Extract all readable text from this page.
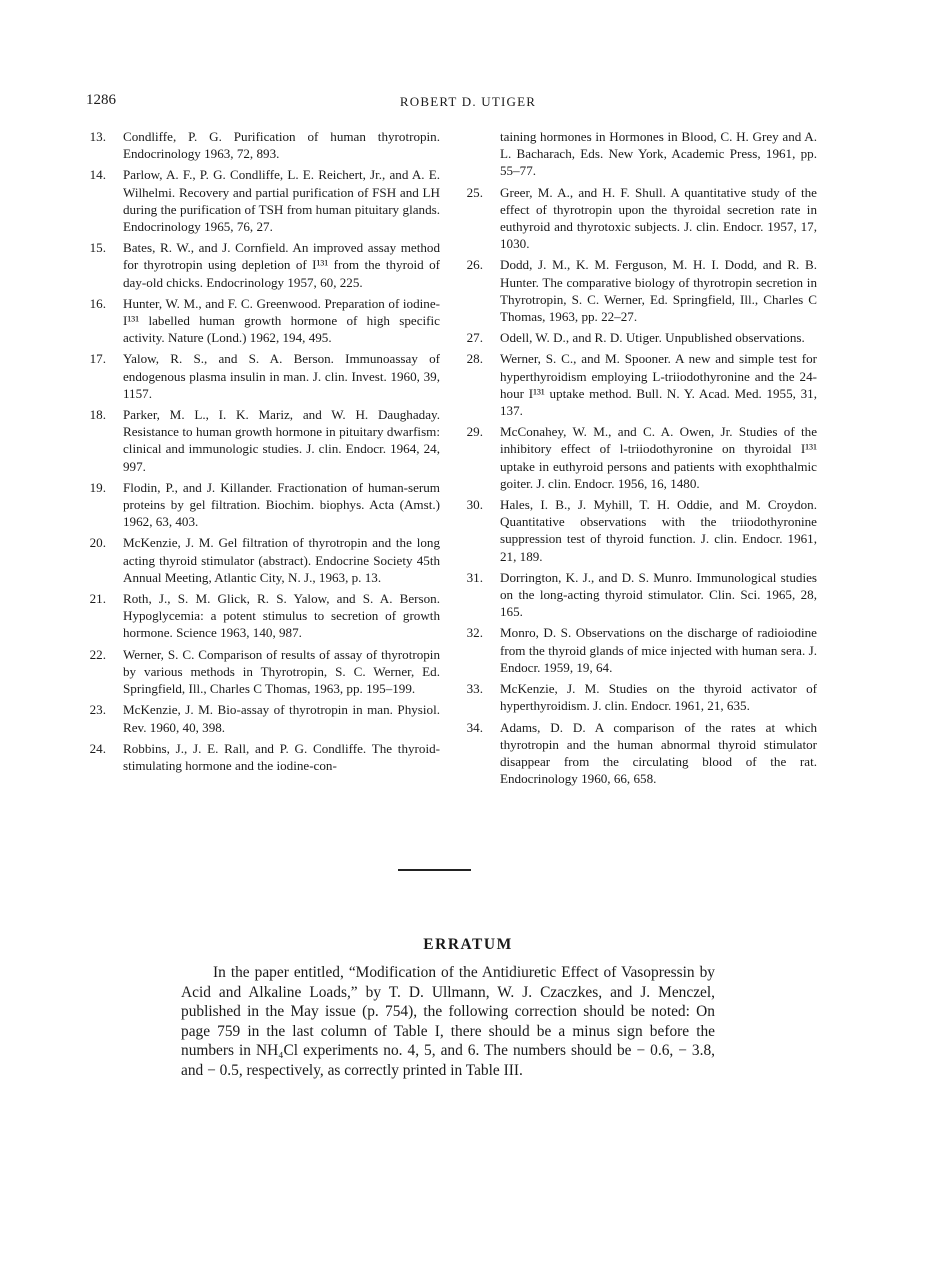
1286	ROBERT D. UTIGER
13 . Condliffe, P. G. Purification of human thyrotropin. Endocrinology 1963, 72, 893.
14 . Parlow, A. F., P. G. Condliffe, L. E. Reichert, Jr., and A. E. Wilhelmi. Recovery and partial purification of FSH and LH during the purification of TSH from human pituitary glands. Endocrinology 1965, 76, 27.
15 . Bates, R. W., and J. Cornfield. An improved assay method for thyrotropin using depletion of I¹³¹ from the thyroid of day-old chicks. Endocrinology 1957, 60, 225.
16 . Hunter, W. M., and F. C. Greenwood. Preparation of iodine-I¹³¹ labelled human growth hormone of high specific activity. Nature (Lond.) 1962, 194, 495.
17 . Yalow, R. S., and S. A. Berson. Immunoassay of endogenous plasma insulin in man. J. clin. Invest. 1960, 39, 1157.
18 . Parker, M. L., I. K. Mariz, and W. H. Daughaday. Resistance to human growth hormone in pituitary dwarfism: clinical and immunologic studies. J. clin. Endocr. 1964, 24, 997.
19 . Flodin, P., and J. Killander. Fractionation of human-serum proteins by gel filtration. Biochim. biophys. Acta (Amst.) 1962, 63, 403.
20 . McKenzie, J. M. Gel filtration of thyrotropin and the long acting thyroid stimulator (abstract). Endocrine Society 45th Annual Meeting, Atlantic City, N. J., 1963, p. 13.
21 . Roth, J., S. M. Glick, R. S. Yalow, and S. A. Berson. Hypoglycemia: a potent stimulus to secretion of growth hormone. Science 1963, 140, 987.
22 . Werner, S. C. Comparison of results of assay of thyrotropin by various methods in Thyrotropin, S. C. Werner, Ed. Springfield, Ill., Charles C Thomas, 1963, pp. 195–199.
23 . McKenzie, J. M. Bio-assay of thyrotropin in man. Physiol. Rev. 1960, 40, 398.
24 . Robbins, J., J. E. Rall, and P. G. Condliffe. The thyroid-stimulating hormone and the iodine-con-
taining hormones in Hormones in Blood, C. H. Grey and A. L. Bacharach, Eds. New York, Academic Press, 1961, pp. 55–77.
25 . Greer, M. A., and H. F. Shull. A quantitative study of the effect of thyrotropin upon the thyroidal secretion rate in euthyroid and thyrotoxic subjects. J. clin. Endocr. 1957, 17, 1030.
26 . Dodd, J. M., K. M. Ferguson, M. H. I. Dodd, and R. B. Hunter. The comparative biology of thyrotropin secretion in Thyrotropin, S. C. Werner, Ed. Springfield, Ill., Charles C Thomas, 1963, pp. 22–27.
27 . Odell, W. D., and R. D. Utiger. Unpublished observations.
28 . Werner, S. C., and M. Spooner. A new and simple test for hyperthyroidism employing L-triiodothyronine and the 24-hour I¹³¹ uptake method. Bull. N. Y. Acad. Med. 1955, 31, 137.
29 . McConahey, W. M., and C. A. Owen, Jr. Studies of the inhibitory effect of l-triiodothyronine on thyroidal I¹³¹ uptake in euthyroid persons and patients with exophthalmic goiter. J. clin. Endocr. 1956, 16, 1480.
30 . Hales, I. B., J. Myhill, T. H. Oddie, and M. Croydon. Quantitative observations with the triiodothyronine suppression test of thyroid function. J. clin. Endocr. 1961, 21, 189.
31 . Dorrington, K. J., and D. S. Munro. Immunological studies on the long-acting thyroid stimulator. Clin. Sci. 1965, 28, 165.
32 . Monro, D. S. Observations on the discharge of radioiodine from the thyroid glands of mice injected with human sera. J. Endocr. 1959, 19, 64.
33 . McKenzie, J. M. Studies on the thyroid activator of hyperthyroidism. J. clin. Endocr. 1961, 21, 635.
34 . Adams, D. D. A comparison of the rates at which thyrotropin and the human abnormal thyroid stimulator disappear from the circulating blood of the rat. Endocrinology 1960, 66, 658.
ERRATUM

In the paper entitled, “Modification of the Antidiuretic Effect of Vasopressin by Acid and Alkaline Loads,” by T. D. Ullmann, W. J. Czaczkes, and J. Menczel, published in the May issue (p. 754), the following correction should be noted: On page 759 in the last column of Table I, there should be a minus sign before the numbers in NH₄Cl experiments no. 4, 5, and 6. The numbers should be − 0.6, − 3.8, and − 0.5, respectively, as correctly printed in Table III.
